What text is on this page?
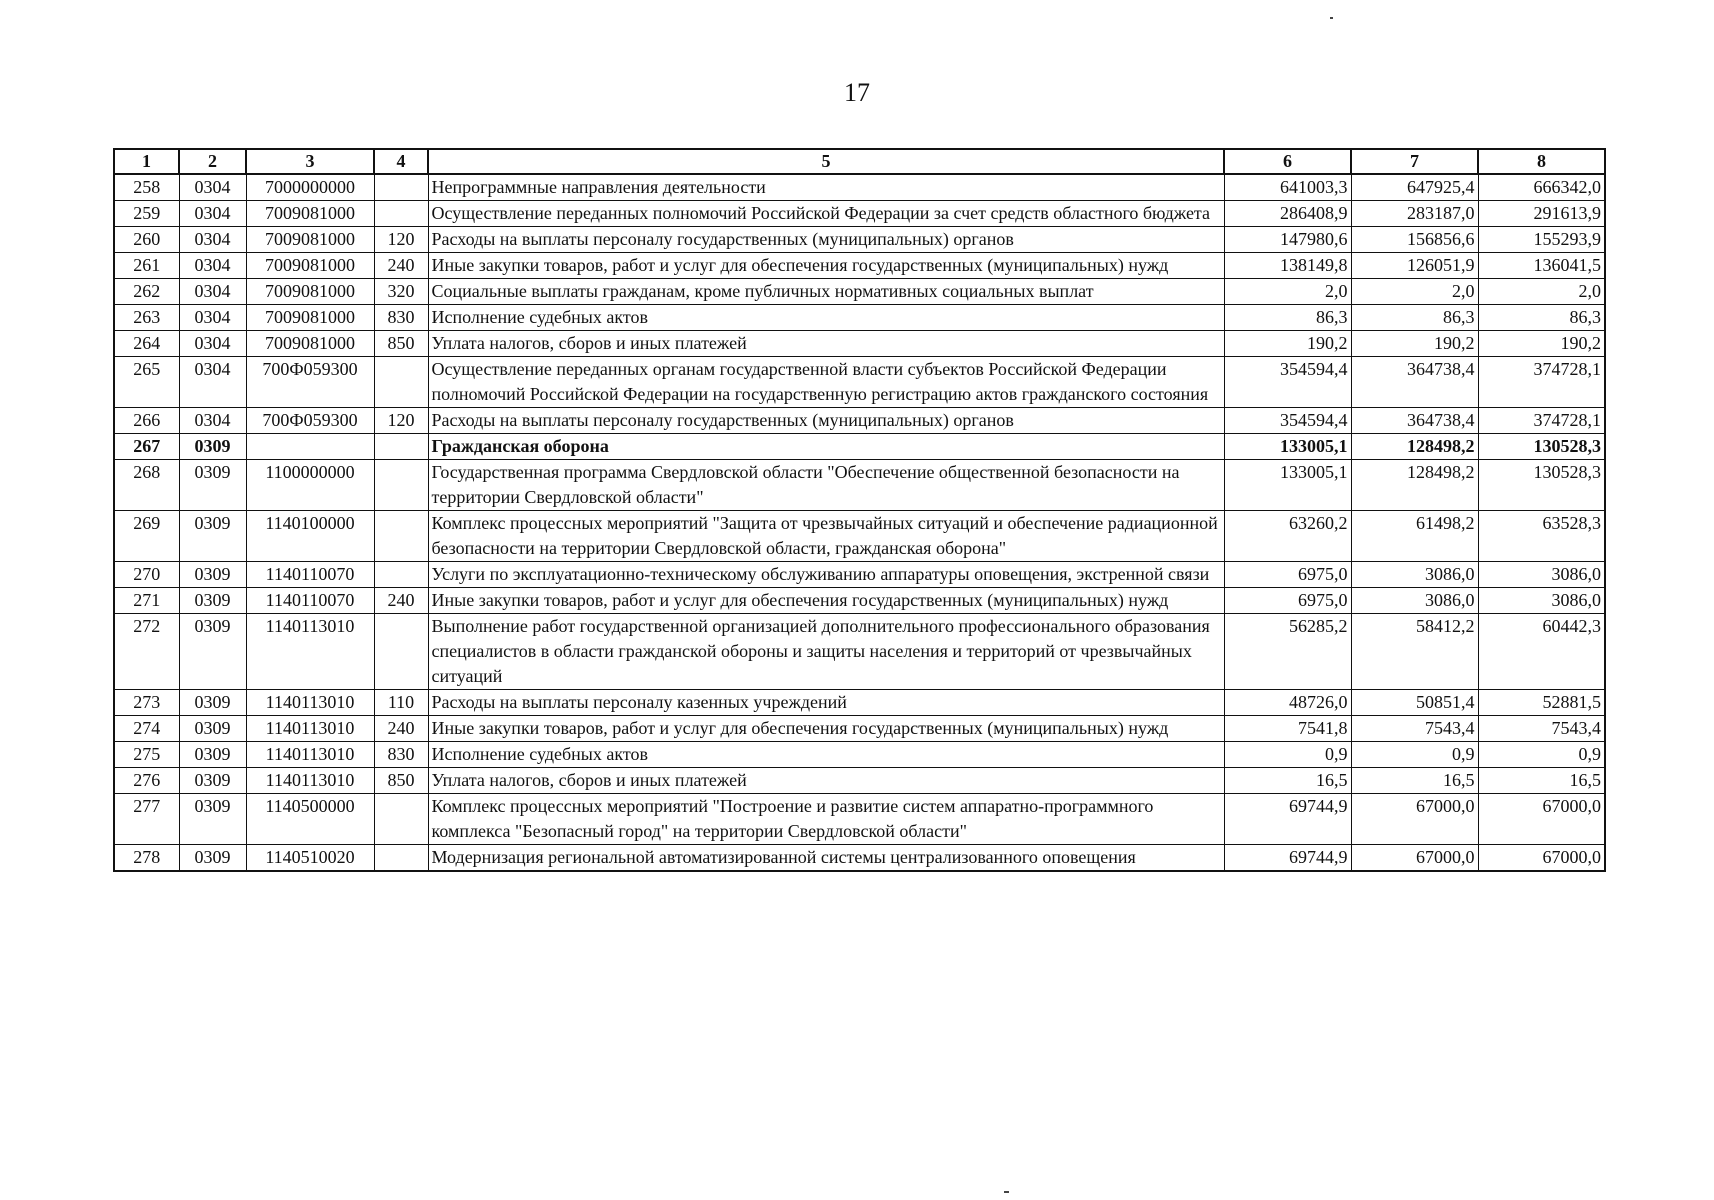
17
1	2	3	4	5	6	7	8
258	0304	7000000000		Непрограммные направления деятельности	641003,3	647925,4	666342,0
259	0304	7009081000		Осуществление переданных полномочий Российской Федерации за счет средств областного бюджета	286408,9	283187,0	291613,9
260	0304	7009081000	120	Расходы на выплаты персоналу государственных (муниципальных) органов	147980,6	156856,6	155293,9
261	0304	7009081000	240	Иные закупки товаров, работ и услуг для обеспечения государственных (муниципальных) нужд	138149,8	126051,9	136041,5
262	0304	7009081000	320	Социальные выплаты гражданам, кроме публичных нормативных социальных выплат	2,0	2,0	2,0
263	0304	7009081000	830	Исполнение судебных актов	86,3	86,3	86,3
264	0304	7009081000	850	Уплата налогов, сборов и иных платежей	190,2	190,2	190,2
265	0304	700Ф059300		Осуществление переданных органам государственной власти субъектов Российской Федерации полномочий Российской Федерации на государственную регистрацию актов гражданского состояния	354594,4	364738,4	374728,1
266	0304	700Ф059300	120	Расходы на выплаты персоналу государственных (муниципальных) органов	354594,4	364738,4	374728,1
267	0309			Гражданская оборона	133005,1	128498,2	130528,3
268	0309	1100000000		Государственная программа Свердловской области "Обеспечение общественной безопасности на территории Свердловской области"	133005,1	128498,2	130528,3
269	0309	1140100000		Комплекс процессных мероприятий "Защита от чрезвычайных ситуаций и обеспечение радиационной безопасности на территории Свердловской области, гражданская оборона"	63260,2	61498,2	63528,3
270	0309	1140110070		Услуги по эксплуатационно-техническому обслуживанию аппаратуры оповещения, экстренной связи	6975,0	3086,0	3086,0
271	0309	1140110070	240	Иные закупки товаров, работ и услуг для обеспечения государственных (муниципальных) нужд	6975,0	3086,0	3086,0
272	0309	1140113010		Выполнение работ государственной организацией дополнительного профессионального образования специалистов в области гражданской обороны и защиты населения и территорий от чрезвычайных ситуаций	56285,2	58412,2	60442,3
273	0309	1140113010	110	Расходы на выплаты персоналу казенных учреждений	48726,0	50851,4	52881,5
274	0309	1140113010	240	Иные закупки товаров, работ и услуг для обеспечения государственных (муниципальных) нужд	7541,8	7543,4	7543,4
275	0309	1140113010	830	Исполнение судебных актов	0,9	0,9	0,9
276	0309	1140113010	850	Уплата налогов, сборов и иных платежей	16,5	16,5	16,5
277	0309	1140500000		Комплекс процессных мероприятий "Построение и развитие систем аппаратно-программного комплекса "Безопасный город" на территории Свердловской области"	69744,9	67000,0	67000,0
278	0309	1140510020		Модернизация региональной автоматизированной системы централизованного оповещения	69744,9	67000,0	67000,0
